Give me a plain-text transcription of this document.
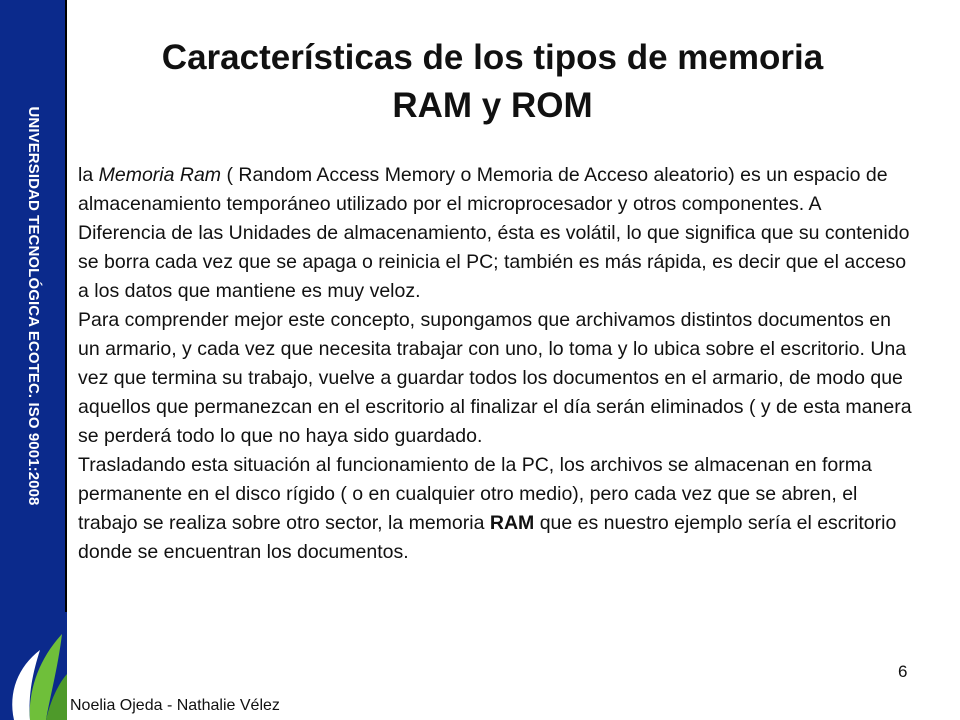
UNIVERSIDAD TECNOLÓGICA ECOTEC. ISO 9001:2008
Características de los tipos de memoria
RAM y ROM

la Memoria Ram ( Random Access Memory o Memoria de Acceso aleatorio) es un espacio de almacenamiento temporáneo utilizado por el microprocesador y otros componentes. A Diferencia de las Unidades de almacenamiento, ésta es volátil, lo que significa que su contenido se borra cada vez que se apaga o reinicia el PC; también es más rápida, es decir que el acceso a los datos que mantiene es muy veloz.

Para comprender mejor este concepto, supongamos que archivamos distintos documentos en un armario, y cada vez que necesita trabajar con uno, lo toma y lo ubica sobre el escritorio. Una vez que termina su trabajo, vuelve a guardar todos los documentos en el armario, de modo que aquellos que permanezcan en el escritorio al finalizar el día serán eliminados ( y de esta manera se perderá todo lo que no haya sido guardado.

Trasladando esta situación al funcionamiento de la PC, los archivos se almacenan en forma permanente en el disco rígido ( o en cualquier otro medio), pero cada vez que se abren, el trabajo se realiza sobre otro sector, la memoria RAM que es nuestro ejemplo sería el escritorio donde se encuentran los documentos.

6
Noelia Ojeda - Nathalie Vélez
